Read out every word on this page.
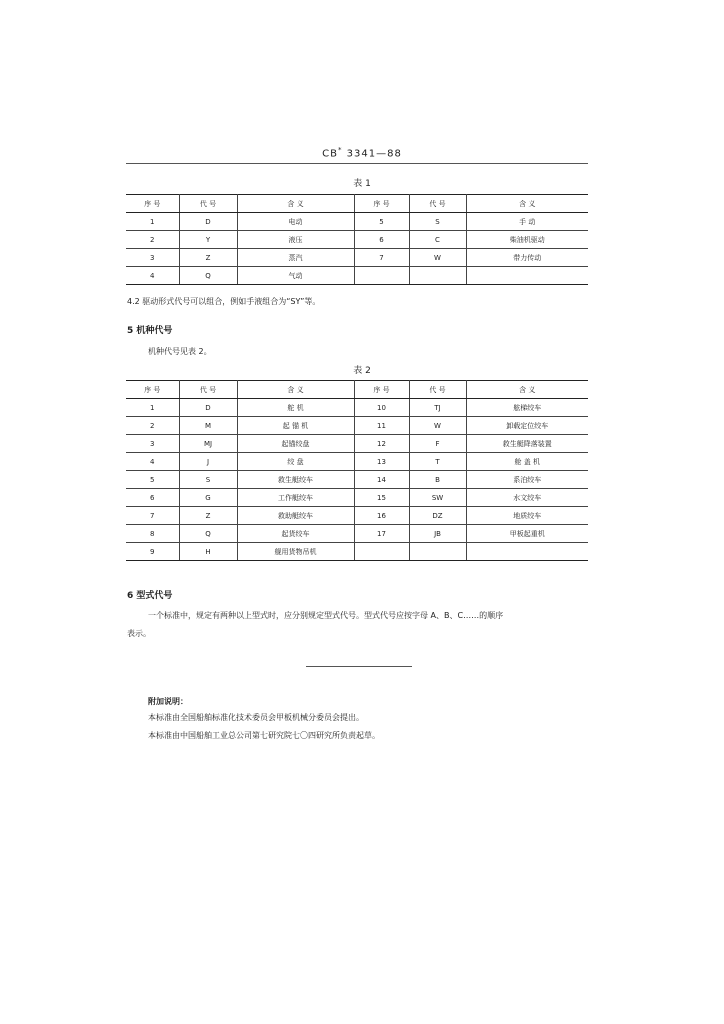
CB* 3341—88
表 1
序 号	代 号	含 义	序 号	代 号	含 义
1	D	电动	5	S	手 动
2	Y	液压	6	C	柴油机驱动
3	Z	蒸汽	7	W	带力传动
4	Q	气动			
4.2 驱动形式代号可以组合，例如手液组合为“SY”等。
5 机种代号
机种代号见表 2。
表 2
序 号	代 号	含 义	序 号	代 号	含 义
1	D	舵 机	10	TJ	舷梯绞车
2	M	起 锚 机	11	W	卸载定位绞车
3	MJ	起锚绞盘	12	F	救生艇降落装置
4	J	绞 盘	13	T	舱 盖 机
5	S	救生艇绞车	14	B	系泊绞车
6	G	工作艇绞车	15	SW	水文绞车
7	Z	救助艇绞车	16	DZ	地质绞车
8	Q	起货绞车	17	JB	甲板起重机
9	H	舰用货物吊机			
6 型式代号
一个标准中，规定有两种以上型式时，应分别规定型式代号。型式代号应按字母 A、B、C……的顺序
表示。
附加说明：
本标准由全国船舶标准化技术委员会甲板机械分委员会提出。
本标准由中国船舶工业总公司第七研究院七〇四研究所负责起草。
